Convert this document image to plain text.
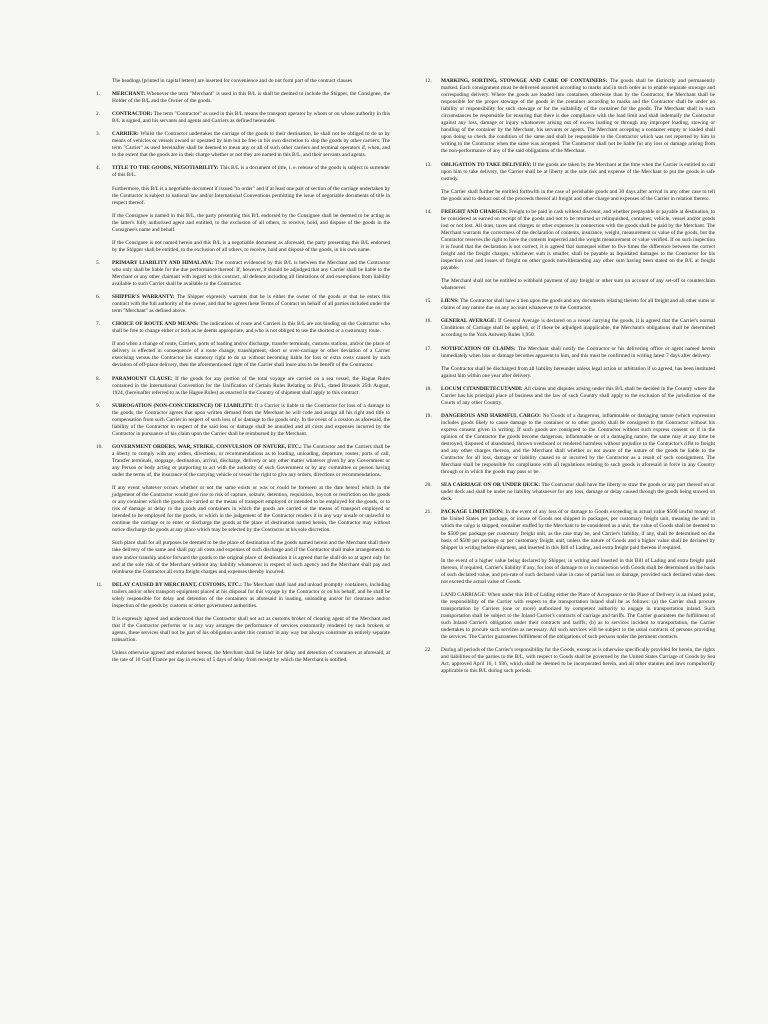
The headings (printed in capital letters) are inserted for convenience and do not form part of the contract clauses

1. MERCHANT: Whenever the term "Merchant" is used in this B/L is shall be deemed to include the Shipper, the Consignee, the Holder of the B/L and the Owner of the goods.

2. CONTRACTOR: The term "Contractor" as used in this B/L means the transport operator by whom or on whose authority in this B/L is signed, and his servants and agents and Carriers as defined hereunder.

3. CARRIER: Whilst the Contractor undertakes the carriage of the goods to their destination, he shall not be obliged to do so by means of vehicles or vessels owned or operated by him but be free in his own discretion to ship the goods by other carriers. The term "Carrier" as used hereinafter shall be deemed to mean any or all of such other carriers and terminal operators if, when, and to the extent that the goods are in their charge whether or not they are named in this B/L, and their servants and agents.

4. TITLE TO THE GOODS, NEGOTIABILITY: This B/L is a document of title, i. e. release of the goods is subject to surrender of this B/L.

Furthermore, this B/L is a negotiable document if issued "to order" and if at least one part of section of the carriage undertaken by the Contractor is subject to national law and/or International Conventions permitting the issue of negotiable documents of title in respect thereof.

If the Consignee is named in this B/L, the party presenting this B/L endorsed by the Consignee shall be deemed to be acting as the latter's fully authorised agent and entitled, to the exclusion of all others, to receive, hold, and dispose of the goods in the Consignee's name and behalf.

If the Consignee is not named herein and this B/L is a negotiable document as aforesaid, the party presenting this B/L endorsed by the Shipper shall be entitled, to the exclusion of all others, to receive, hold and dispose of the goods, in his own name.

5. PRIMARY LIABILITY AND HIMALAYA: The contract evidenced by this B/L is between the Merchant and the Contractor who only shall be liable for the due performance thereof. If, however, it should be adjudged that any Carrier shall be liable to the Merchant or any other claimant with regard to this contract, all defence including all limitations of and exemptions from liability available to such Carrier shall be available to the Contractor.

6. SHIPPER'S WARRANTY: The Shipper expressly warrants that he is either the owner of the goods or that he enters this contract with the full authority of the owner, and that he agrees these Terms of Contract on behalf of all parties included under the term "Merchant" as defined above.

7. CHOICE OF ROUTE AND MEANS: The indications of route and Carriers in this B/L are not binding on the Contractor who shall be free to change either or both as he deems appropriate, and who is not obliged to use the shortest or a customary route.

If and when a change of route, Carriers, ports of loading and/or discharge, transfer terminals, customs stations, and/or the place of delivery is effected in consequence of a route change, transhipment, short or over-carriage or other deviation of a Carrier exercising versus the Contractor his statutory right to do so without becoming liable for loss or extra costs caused by such deviation of off-place delivery, then the aforementioned right of the Carrier shall inure also to be benefit of the Contractor.

8. PARAMOUNT CLAUSE: If the goods for any portion of the total voyage are carried on a sea vessel, the Hague Rules contained in the International Convention for the Unification of Certain Rules Relating to B's/L, dated Brussels 25th August, 1924, (hereinafter referred to as the Hague Rules) as enacted in the Country of shipment shall apply to this contract.

9. SUBROGATION (NON-CONCURRENCE) OF LIABILITY: If a Carrier is liable to the Contractor for loss of a damage to the goods, the Contractor agrees that upon written demand from the Merchant he will code and assign all his right and title to compensation from such Carrier in respect of such loss of or damage to the goods only. In the event of a cession as aforesaid, the liability of the Contractor in respect of the said loss or damage shall be annulled and all costs and expenses incurred by the Contractor in pursuance of his claim upon the Carrier shall be reimbursed by the Merchant.

10. GOVERNMENT ORDERS, WAR, STRIKE, CONVULSION OF NATURE, ETC.: The Contractor and the Carriers shall be a liberty to comply with any orders, directions, or recommendations as to loading, unloading, departure, routes, ports of call, Transfer terminals, stoppage, destination, arrival, discharge, delivery or any other matter whatever given by any Government or any Person or body acting or purporting to act with the authority of such Government or by any committee or person having under the terms of, the insurance of the carrying vehicle or vessel the right to give any orders, directions or recommendations.

If any event whatever occurs whether or not the same exists or was or could be foreseen at the date hereof which in the judgement of the Contractor would give rise to risk of capture, seizure, detention, requisition, boycott or restriction on the goods or any container which the goods are carried or the means of transport employed or intended to be employed for the goods, or to risk of damage or delay to the goods and containers in which the goods are carried or the means of transport employed or intended to be employed for the goods, or which in the judgement of the Contractor renders it in any way unsafe or unlawful to continue the carriage or to enter or discharge the goods at the place of destination named herein, the Contractor may without notice discharge the goods at any place which may be selected by the Contractor at his sole discretion.

Such place shall for all purposes be deemed to be the place of destination of the goods named herein and the Merchant shall there take delivery of the same and shall pay all costs and expenses of such discharge and if the Contractor shall make arrangements to store and/or tranship and/or forward the goods to the original place of destination it is agreed that he shall do so at agent only for and at the sole risk of the Merchant without any liability whatsoever in respect of such agency and the Merchant shall pay and reimburse the Contractor all extra freight charges and expenses thereby incurred.

11. DELAY CAUSED BY MERCHANT, CUSTOMS, ETC.: The Merchant shall load and unload promptly containers, including trailers and/or other transport equipment placed at his disposal for this voyage by the Contractor or on his behalf, and he shall be solely responsible for delay and detention of the containers as aforesaid in loading, unloading and/or for clearance and/or inspection of the goods by customs or other government authorities.

It is expressly agreed and understood that the Contractor shall not act as customs broker of clearing agent of the Merchant and that if the Contractor performs or in any way arranges the performance of services customarily rendered by such brokers or agents, these services shall not be part of his obligation under this contract in any way but always constitute an entirely separate transaction.

Unless otherwise agreed and endorsed hereon, the Merchant shall be liable for delay and detention of containers at aforesaid, at the rate of 10 Gulf France per day in excess of 5 days of delay from receipt by which the Merchant is notified.

12. MARKING, SORTING, STOWAGE AND CARE OF CONTAINERS: The goods shall be distinctly and permanently marked. Each consignment must be delivered assorted according to marks and in such order as to enable separate stowage and correspoding delivery. Where the goods are loaded into containers otherwise than by the Contractor, the Merchant shall be responsible for the proper stowage of the goods in the container according to marks and the Contractor shall be under no liability or responsibility for such stowage or for the suitability of the container for the goods. The Merchant shall in such circumstances be responsible for ensuring that there is due compliance with the load limit and shall indemnify the Contractor against any loss, damage or injury whatsoever arising out of excess loading or through any improper loading, stowing or handling of the container by the Merchant, his servants or agents. The Merchant accepting a container empty or loaded shall upon doing so check the condition of the same and shall be responsible to the Contractor which was not reported by him in writing to the Contractor when the same was accepted. The Contractor shall not be liable for any loss or damage arising from the non-performance of any of the said obligations of the Merchant.

13. OBLIGATION TO TAKE DELIVERY: If the goods are taken by the Merchant at the time when the Carrier is entitled to call upon him to take delivery, the Carrier shall be at liberty at the sole risk and expense of the Merchant to put the goods in safe custody.

The Carrier shall further be entitled forthwith in the case of perishable goods and 30 days after arrival in any other case to tell the goods and to deduct out of the proceeds thereof all freight and other charge and expenses of the Carrier in relation thereto.

14. FREIGHT AND CHARGES: Freight to be paid in cash without discount, and whether prepayable or payable at destination, to be considered as earned on receipt of the goods and not to be returned or relinquished, container, vehicle, vessel and/or goods lost or not lost. All dues, taxes and charges or other expenses in connection with the goods shall be paid by the Merchant. The Merchant warrants the correctness of the declaration of contents, insurance, weight, measurement or value of the goods, but the Contractor reserves the right to have the contents inspected and the weight measurement or value verified. If on such inspection it is found that the declaration is not correct, it is agreed that sumequel either to five times the difference between the correct freight and the freight charges, whichever sum is smaller, shall be payable as liquidated damages to the Contractor for his inspection cost and losses of freight on other goods notwithstanding any other sum having been stated on the B/L at freight payable.

The Merchant shall not be entitled to withhold payment of any freight or other sum on account of any set-off or counterclaim whatsoever.

15. LIENS: The Contractor shall have a lien upon the goods and any documents relating thereto for all freight and all other sums or claims of any nature due on any account whatsoever to the Contractor.

16. GENERAL AVERAGE: If General Average is declared on a vessel carrying the goods, it is agreed that the Carrier's normal Conditions of Carriage shall be applied, or if these be adjudged inapplicable, the Merchant's obligations shall be determined according to the York Antwerp Rules 1,950.

17. NOTIFICATION OF CLAIMS: The Merchant shall notify the Contractor or his delivering office or agent named herein immediately when loss or damage becomes apparent to him, and this must be confirmed in writing latest 7 days after delivery.

The Contractor shall be discharged from all liability hereunder unless legal action or arbitration if so agreed, has been instituted against him within one year after delivery.

18. LOCUM CITANDIETECUTANDI: All claims and disputes arising under this B/L shall be decided in the Country where the Carrier has his principal place of business and the law of such Country shall apply to the exclusion of the jurisdiction of the Courts of any other Country.

19. DANGEROUS AND HARMFUL CARGO: No Goods of a dangerous, inflammable or damaging nature (which expression includes goods likely to cause damage to the container or to other goods) shall be consigned to the Contractor without his express consent given in writing. If such goods are consigned to the Contractor without such express consent or if in the opinion of the Contractor the goods become dangerous, inflammable or of a damaging nature, the same may at any time be destroyed, disposed of abandoned, thrown overboard or rendered harmless without prejudice to the Contractor's rifht to freight and any other charges thereon, and the Merchant shall whether or not aware of the nature of the goods be liable to the Contractor for all loss, damage or liability caused to or incurred by the Contractor as a result of such consignment. The Merchant shall be responsible for compliance with all regulations relating to such goods is aforesaid in force in any Country through or in which the goods may pass or be.

20. SEA CARRIAGE ON OR UNDER DECK: The Contractor shall have the liberty to stow the goods or any part thereof on or under deck and shall be under no liability whatsoever for any loss, damage or delay caused through the goods being stowed on deck.

21. PACKAGE LIMITATION: In the event of any loss of or damage to Goods exceeding in actual value $500 lawful money of the United States per package, or incase of Goods not shipped in packages, per customary freight unit, meaning the unit in which the cargo is shipped, container stuffed by the Merchant to be considered as a unit, the value of Goods shall be deemed to be $500 per package per customary freight unit, as the case may be, and Carrier's liability, if any, shall be determined on the basis of $500 per package or per customary freight unit, unless the nature of Goods and a higher value shall be declared by Shipper in writing before shipment, and inserted in this Bill of Lading, and extra freight paid thereon if required.

In the event of a higher value being declared by Shipper, in writing and inserted in this Bill of Lading and extra freight paid thereon, if required, Carrier's liability if any, for loss of damage to or in connection with Goods shall be determined on the basis of such declared value, and pro-rate of such declared value in case of partial loss or damage, provided such declared value does not exceed the actual value of Goods.

LAND CARRIAGE: When under this Bill of Lading either the Place of Acceptance or the Place of Delivery is an inland point, the responsibility of the Carrier with respect to the transportation inland shall be as follows: (a) the Carrier shall procure transportation by Carriers (one or more) authorized by competent authority to engage in transportation inland. Such transportation shall be subject to the Inland Carrier's contracts of carriage and tariffs. The Carrier guarantees the fulfillment of such Inland Carrier's obligation under their contracts and tariffs; (b) as to services incident to transportation, the Carrier undertakes to procure such services as necessary. All such services will be subject to the usual contracts of persons providing the services. The Carrier guarantees fulfillment of the obligations of such persons under the pertinent contracts.

22. During all periods of the Carrier's responsibility for the Goods, except as is otherwise specifically provided for herein, the rights and liabilities of the parties to the B/L, with respect to Goods shall be governed by the United States Carriage of Goods by Sea Act, approved April 16, 1 936, which shall be deemed to be incorporated herein, and all other statutes and laws compulsorily applicable to this B/L during such periods.
